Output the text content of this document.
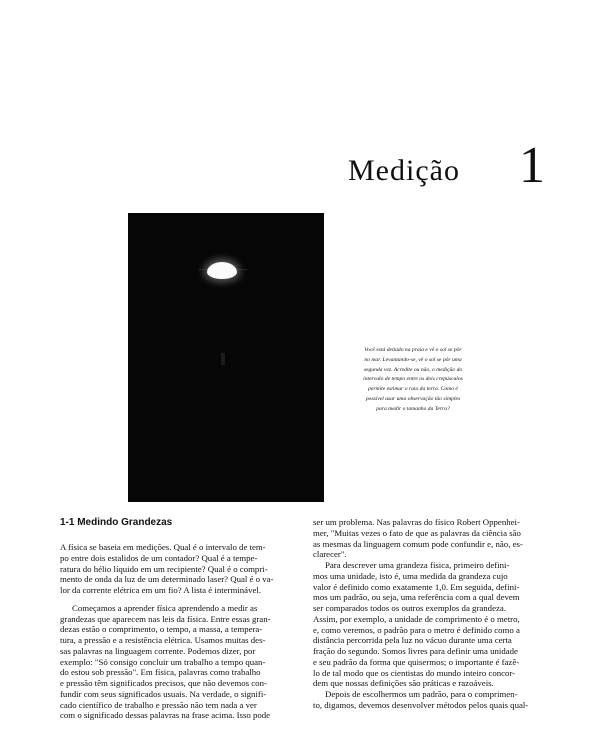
Medição 1

Você está deitado na praia e vê o sol se pôr

no mar. Levantando-se, vê o sol se pôr uma

segunda vez. Acredite ou não, o medição do

intervalo de tempo entre os dois crepúsculos

permite estimar o raio da terra. Como é

possível usar uma observação tão simples

para medir o tamanho da Terra?

1-1 Medindo Grandezas
A física se baseia em medições. Qual é o intervalo de tem-
po entre dois estalidos de um contador? Qual é a tempe-
ratura do hélio líquido em um recipiente? Qual é o compri-
mento de onda da luz de um determinado laser? Qual é o va-
lor da corrente elétrica em um fio? A lista é interminável.
Começamos a aprender física aprendendo a medir as
grandezas que aparecem nas leis da física. Entre essas gran-
dezas estão o comprimento, o tempo, a massa, a tempera-
tura, a pressão e a resistência elétrica. Usamos muitas des-
sas palavras na linguagem corrente. Podemos dizer, por
exemplo: "Só consigo concluir um trabalho a tempo quan-
do estou sob pressão". Em física, palavras como trabalho
e pressão têm significados precisos, que não devemos con-
fundir com seus significados usuais. Na verdade, o signifi-
cado científico de trabalho e pressão não tem nada a ver
com o significado dessas palavras na frase acima. Isso pode
ser um problema. Nas palavras do físico Robert Oppenhei-
mer, "Muitas vezes o fato de que as palavras da ciência são
as mesmas da linguagem comum pode confundir e, não, es-
clarecer".
Para descrever uma grandeza física, primeiro defini-
mos uma unidade, isto é, uma medida da grandeza cujo
valor é definido como exatamente 1,0. Em seguida, defini-
mos um padrão, ou seja, uma referência com a qual devem
ser comparados todos os outros exemplos da grandeza.
Assim, por exemplo, a unidade de comprimento é o metro,
e, como veremos, o padrão para o metro é definido como a
distância percorrida pela luz no vácuo durante uma certa
fração do segundo. Somos livres para definir uma unidade
e seu padrão da forma que quisermos; o importante é fazê-
lo de tal modo que os cientistas do mundo inteiro concor-
dem que nossas definições são práticas e razoáveis.
Depois de escolhermos um padrão, para o comprimen-
to, digamos, devemos desenvolver métodos pelos quais qual-
